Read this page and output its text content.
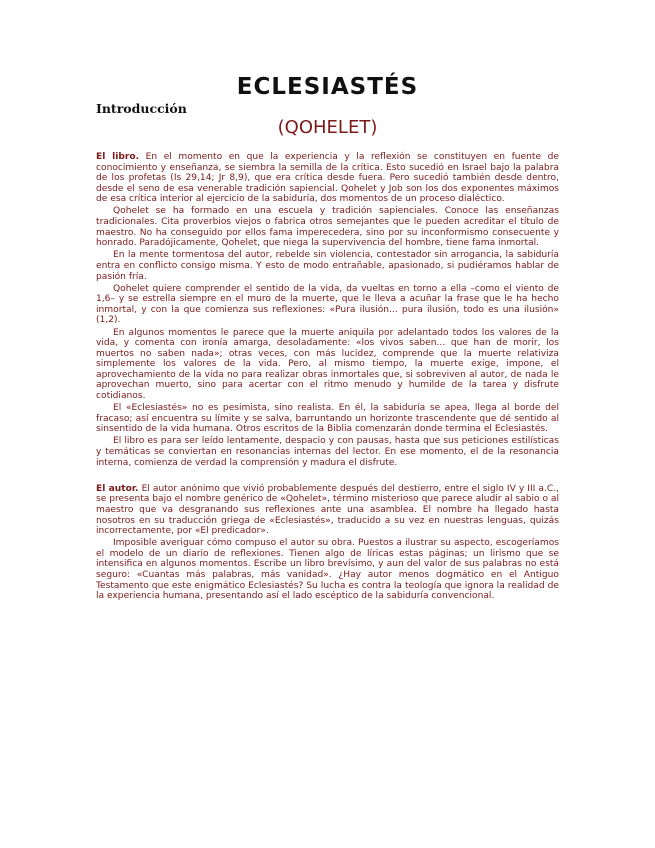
ECLESIASTÉS
Introducción
(QOHELET)

El libro. En el momento en que la experiencia y la reflexión se constituyen en fuente de conocimiento y enseñanza, se siembra la semilla de la crítica. Esto sucedió en Israel bajo la palabra de los profetas (Is 29,14; Jr 8,9), que era crítica desde fuera. Pero sucedió también desde dentro, desde el seno de esa venerable tradición sapiencial. Qohelet y Job son los dos exponentes máximos de esa crítica interior al ejercicio de la sabiduría, dos momentos de un proceso dialéctico.

Qohelet se ha formado en una escuela y tradición sapienciales. Conoce las enseñanzas tradicionales. Cita proverbios viejos o fabrica otros semejantes que le pueden acreditar el título de maestro. No ha conseguido por ellos fama imperecedera, sino por su inconformismo consecuente y honrado. Paradójicamente, Qohelet, que niega la supervivencia del hombre, tiene fama inmortal.

En la mente tormentosa del autor, rebelde sin violencia, contestador sin arrogancia, la sabiduría entra en conflicto consigo misma. Y esto de modo entrañable, apasionado, si pudiéramos hablar de pasión fría.

Qohelet quiere comprender el sentido de la vida, da vueltas en torno a ella –como el viento de 1,6– y se estrella siempre en el muro de la muerte, que le lleva a acuñar la frase que le ha hecho inmortal, y con la que comienza sus reflexiones: «Pura ilusión... pura ilusión, todo es una ilusión» (1,2).

En algunos momentos le parece que la muerte aniquila por adelantado todos los valores de la vida, y comenta con ironía amarga, desoladamente: «los vivos saben... que han de morir, los muertos no saben nada»; otras veces, con más lucidez, comprende que la muerte relativiza simplemente los valores de la vida. Pero, al mismo tiempo, la muerte exige, impone, el aprovechamiento de la vida no para realizar obras inmortales que, si sobreviven al autor, de nada le aprovechan muerto, sino para acertar con el ritmo menudo y humilde de la tarea y disfrute cotidianos.

El «Eclesiastés» no es pesimista, sino realista. En él, la sabiduría se apea, llega al borde del fracaso; así encuentra su límite y se salva, barruntando un horizonte trascendente que dé sentido al sinsentido de la vida humana. Otros escritos de la Biblia comenzarán donde termina el Eclesiastés.

El libro es para ser leído lentamente, despacio y con pausas, hasta que sus peticiones estilísticas y temáticas se conviertan en resonancias internas del lector. En ese momento, el de la resonancia interna, comienza de verdad la comprensión y madura el disfrute.

El autor. El autor anónimo que vivió probablemente después del destierro, entre el siglo IV y III a.C., se presenta bajo el nombre genérico de «Qohelet», término misterioso que parece aludir al sabio o al maestro que va desgranando sus reflexiones ante una asamblea. El nombre ha llegado hasta nosotros en su traducción griega de «Eclesiastés», traducido a su vez en nuestras lenguas, quizás incorrectamente, por «El predicador».

Imposible averiguar cómo compuso el autor su obra. Puestos a ilustrar su aspecto, escogeríamos el modelo de un diario de reflexiones. Tienen algo de líricas estas páginas; un lirismo que se intensifica en algunos momentos. Escribe un libro brevísimo, y aun del valor de sus palabras no está seguro: «Cuantas más palabras, más vanidad». ¿Hay autor menos dogmático en el Antiguo Testamento que este enigmático Eclesiastés? Su lucha es contra la teología que ignora la realidad de la experiencia humana, presentando así el lado escéptico de la sabiduría convencional.
